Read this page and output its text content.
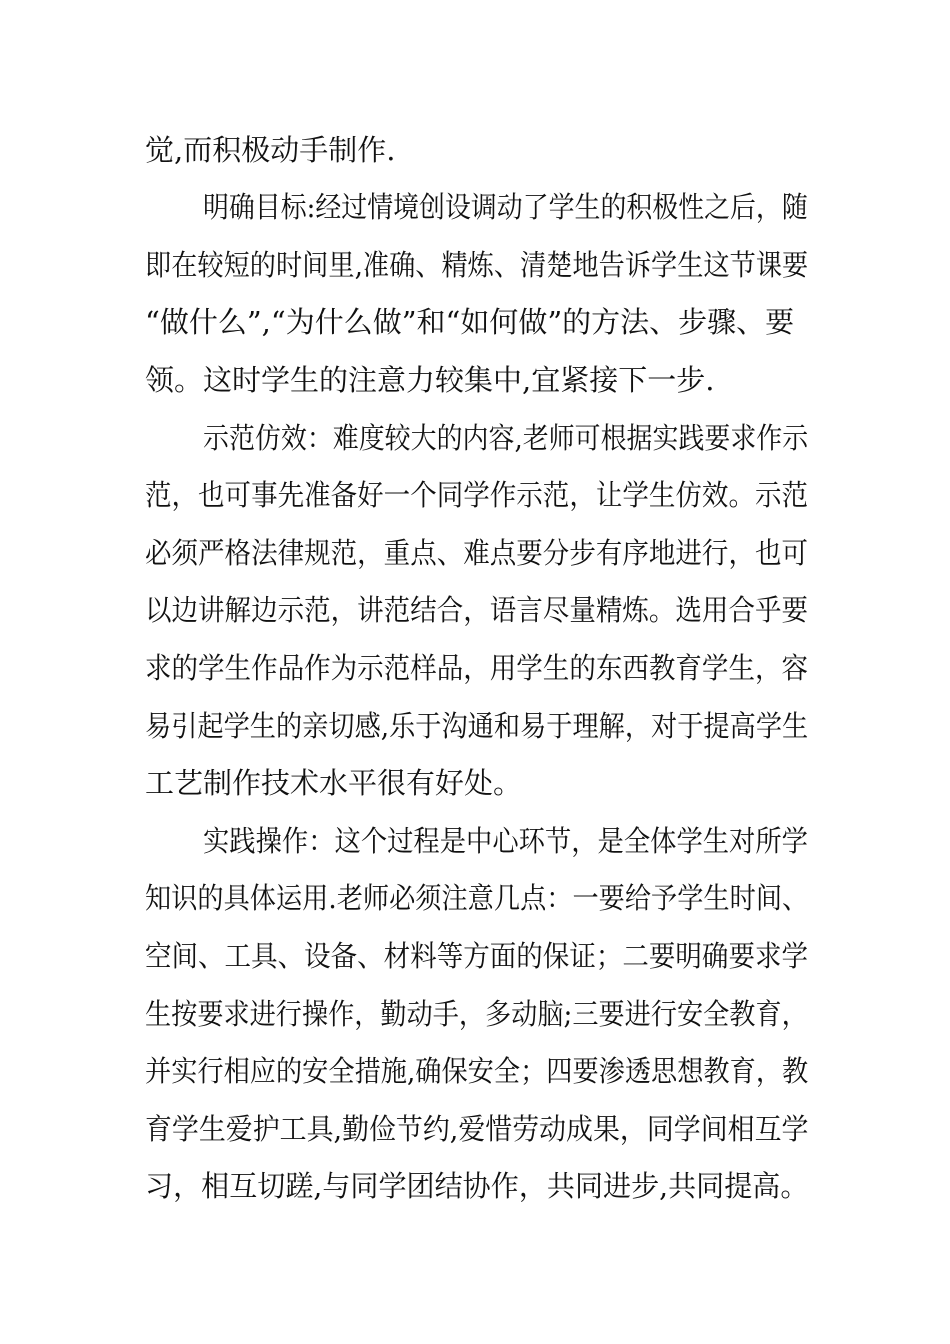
觉,而积极动手制作.
明确目标:经过情境创设调动了学生的积极性之后，随
即在较短的时间里,准确、精炼、清楚地告诉学生这节课要
“做什么”,“为什么做”和“如何做”的方法、步骤、要
领。这时学生的注意力较集中,宜紧接下一步.
示范仿效：难度较大的内容,老师可根据实践要求作示
范，也可事先准备好一个同学作示范，让学生仿效。示范
必须严格法律规范，重点、难点要分步有序地进行，也可
以边讲解边示范，讲范结合，语言尽量精炼。选用合乎要
求的学生作品作为示范样品，用学生的东西教育学生，容
易引起学生的亲切感,乐于沟通和易于理解，对于提高学生
工艺制作技术水平很有好处。
实践操作：这个过程是中心环节，是全体学生对所学
知识的具体运用.老师必须注意几点：一要给予学生时间、
空间、工具、设备、材料等方面的保证；二要明确要求学
生按要求进行操作，勤动手，多动脑;三要进行安全教育，
并实行相应的安全措施,确保安全；四要渗透思想教育，教
育学生爱护工具,勤俭节约,爱惜劳动成果，同学间相互学
习，相互切蹉,与同学团结协作，共同进步,共同提高。
